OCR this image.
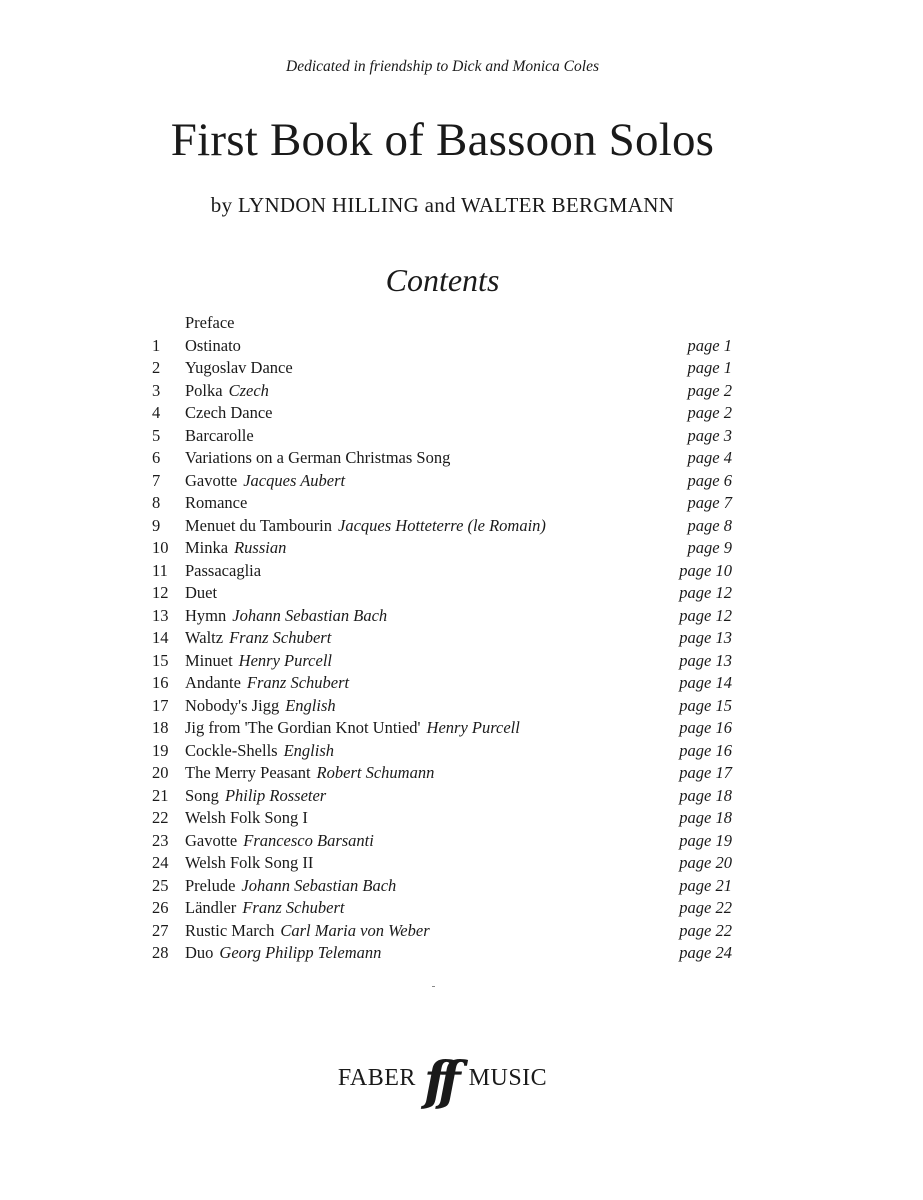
Dedicated in friendship to Dick and Monica Coles
First Book of Bassoon Solos
by LYNDON HILLING and WALTER BERGMANN
Contents
Preface
1 Ostinato	page 1
2 Yugoslav Dance	page 1
3 Polka Czech	page 2
4 Czech Dance	page 2
5 Barcarolle	page 3
6 Variations on a German Christmas Song	page 4
7 Gavotte Jacques Aubert	page 6
8 Romance	page 7
9 Menuet du Tambourin Jacques Hotteterre (le Romain)	page 8
10 Minka Russian	page 9
11 Passacaglia	page 10
12 Duet	page 12
13 Hymn Johann Sebastian Bach	page 12
14 Waltz Franz Schubert	page 13
15 Minuet Henry Purcell	page 13
16 Andante Franz Schubert	page 14
17 Nobody's Jigg English	page 15
18 Jig from 'The Gordian Knot Untied' Henry Purcell	page 16
19 Cockle-Shells English	page 16
20 The Merry Peasant Robert Schumann	page 17
21 Song Philip Rosseter	page 18
22 Welsh Folk Song I	page 18
23 Gavotte Francesco Barsanti	page 19
24 Welsh Folk Song II	page 20
25 Prelude Johann Sebastian Bach	page 21
26 Ländler Franz Schubert	page 22
27 Rustic March Carl Maria von Weber	page 22
28 Duo Georg Philipp Telemann	page 24
FABER ff MUSIC
